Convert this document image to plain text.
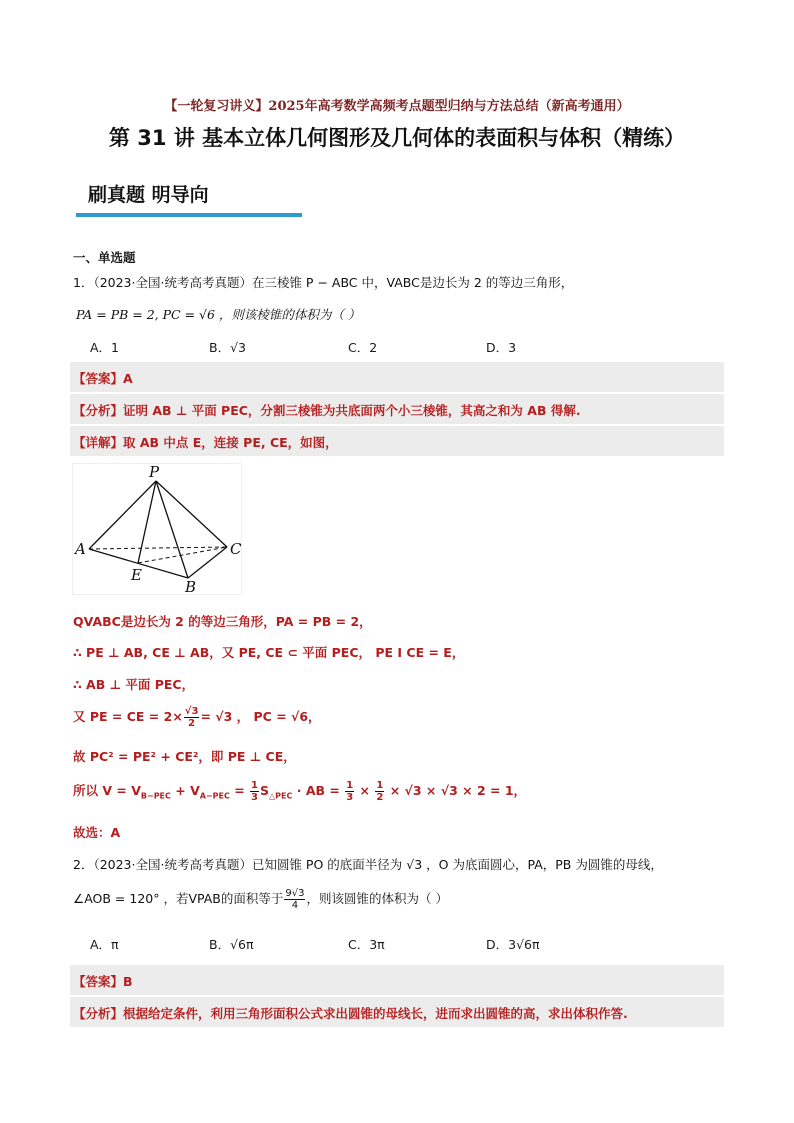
【一轮复习讲义】2025年高考数学高频考点题型归纳与方法总结（新高考通用）
第 31 讲 基本立体几何图形及几何体的表面积与体积（精练）
刷真题 明导向
一、单选题
1．（2023·全国·统考高考真题）在三棱锥 P − ABC 中，VABC是边长为 2 的等边三角形，
PA = PB = 2, PC = √6 ，则该棱锥的体积为（ ）
A．1	B．√3	C．2	D．3
【答案】A
【分析】证明 AB ⊥ 平面 PEC，分割三棱锥为共底面两个小三棱锥，其高之和为 AB 得解.
【详解】取 AB 中点 E，连接 PE, CE，如图，
P
A	C
E
B
QVABC是边长为 2 的等边三角形，PA = PB = 2，
∴ PE ⊥ AB, CE ⊥ AB，又 PE, CE ⊂ 平面 PEC， PE I CE = E，
∴ AB ⊥ 平面 PEC，
又 PE = CE = $2\times \frac{√3}{2} = √3$ ， PC = √6，
故 PC² = PE² + CE²，即 PE ⊥ CE，
所以 $V = V_{B-PEC} + V_{A-PEC} = \frac{1}{3} S_{\triangle PEC}$ · AB = $\frac{1}{3} \times \frac{1}{2} \times √3 \times √3 \times 2 = 1$，
故选：A
2．（2023·全国·统考高考真题）已知圆锥 PO 的底面半径为 √3 ，O 为底面圆心，PA，PB 为圆锥的母线，
∠AOB = 120° ，若VPAB的面积等于 $\frac{9√3}{4}$ ，则该圆锥的体积为（ ）
A．π	B．√6π	C．3π	D．3√6π
【答案】B
【分析】根据给定条件，利用三角形面积公式求出圆锥的母线长，进而求出圆锥的高，求出体积作答.
